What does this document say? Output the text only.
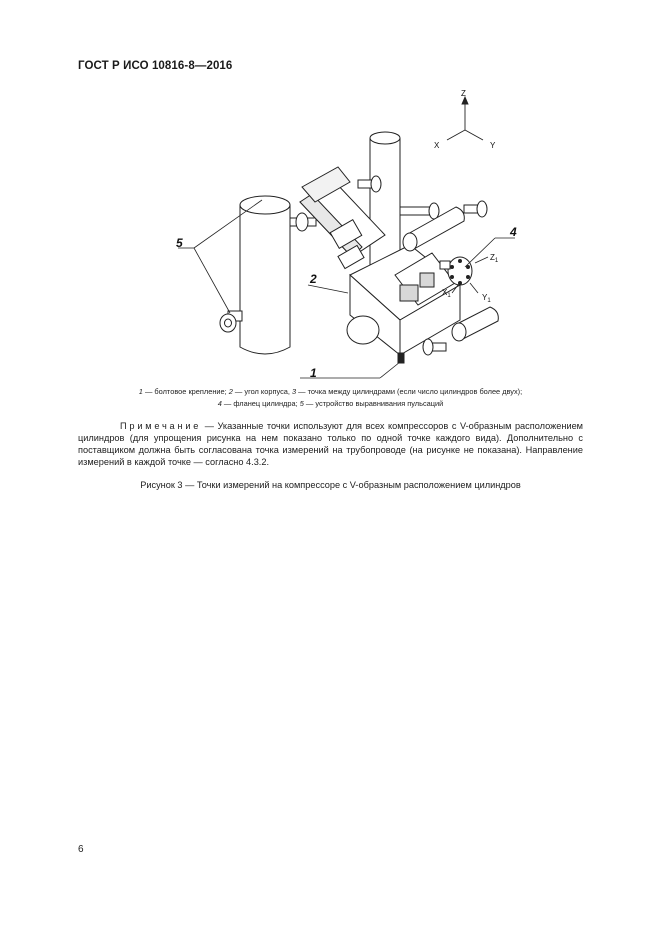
ГОСТ Р ИСО 10816-8—2016
Z
X	Y
$Z_1$
$Y_1$
$X_1$
5
2
4
1
1 — болтовое крепление; 2 — угол корпуса, 3 — точка между цилиндрами (если число цилиндров более двух);
4 — фланец цилиндра; 5 — устройство выравнивания пульсаций
Примечание — Указанные точки используют для всех компрессоров с V-образным расположением цилиндров (для упрощения рисунка на нем показано только по одной точке каждого вида). Дополнительно с поставщиком должна быть согласована точка измерений на трубопроводе (на рисунке не показана). Направление измерений в каждой точке — согласно 4.3.2.
Рисунок 3 — Точки измерений на компрессоре с V-образным расположением цилиндров
6
